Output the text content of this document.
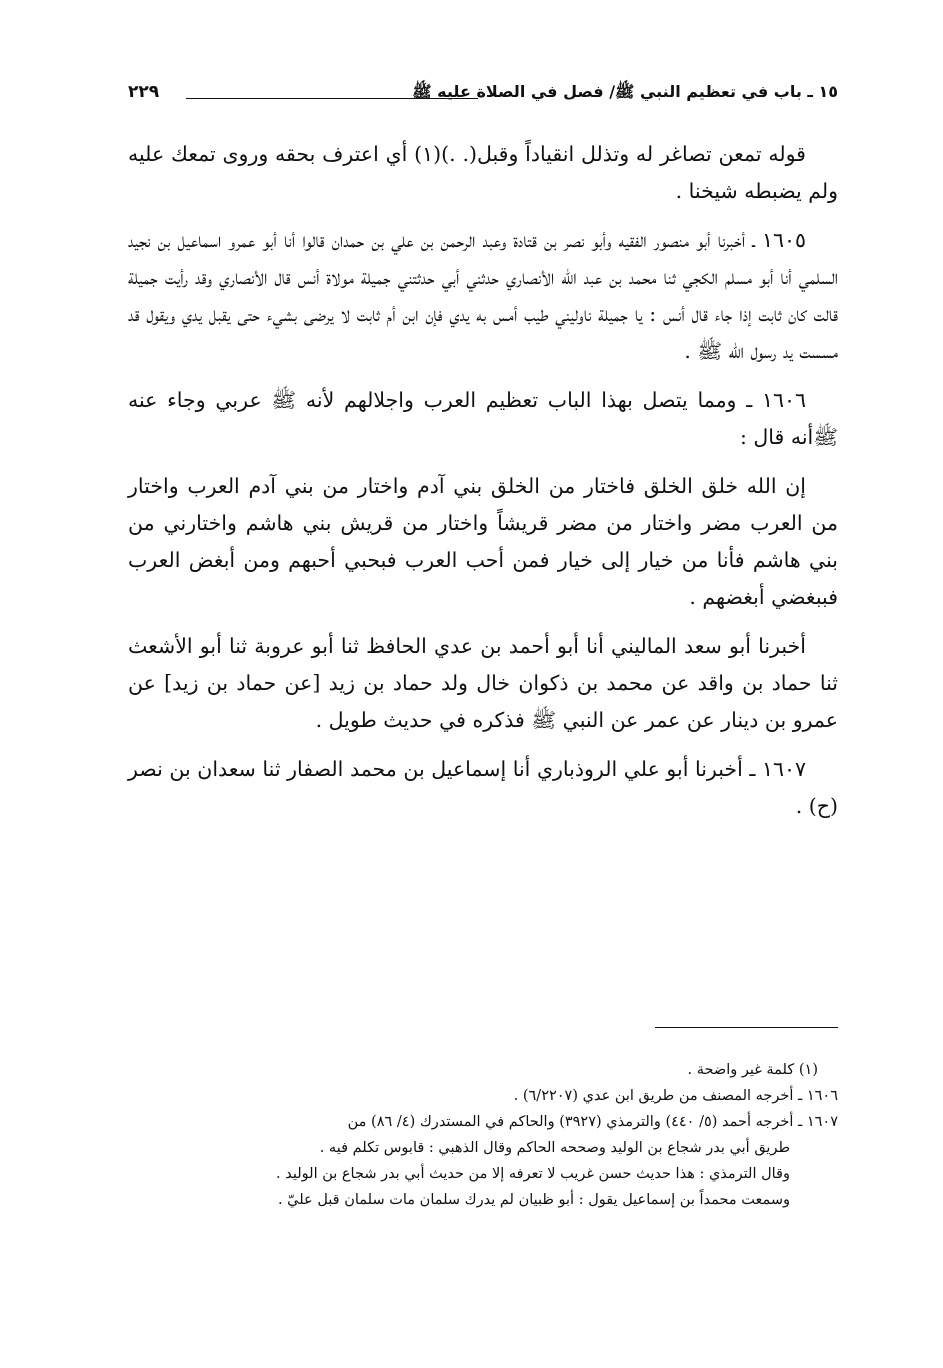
١٥ ـ باب في تعظيم النبي ﷺ/ فصل في الصلاة عليه ﷺ
٢٢٩

قوله تمعن تصاغر له وتذلل انقياداً وقبل(. .)(١) أي اعترف بحقه وروى تمعك عليه ولم يضبطه شيخنا .

١٦٠٥ ـ أخبرنا أبو منصور الفقيه وأبو نصر بن قتادة وعبد الرحمن بن علي بن حمدان قالوا أنا أبو عمرو اسماعيل بن نجيد السلمي أنا أبو مسلم الكجي ثنا محمد بن عبد الله الأنصاري حدثني أبي حدثتني جميلة مولاة أنس قال الأنصاري وقد رأيت جميلة قالت كان ثابت إذا جاء قال أنس : يا جميلة ناوليني طيب أمس به يدي فإن ابن أم ثابت لا يرضى بشيء حتى يقبل يدي ويقول قد مسست يد رسول الله ﷺ .

١٦٠٦ ـ ومما يتصل بهذا الباب تعظيم العرب واجلالهم لأنه ﷺ عربي وجاء عنه ﷺأنه قال :

إن الله خلق الخلق فاختار من الخلق بني آدم واختار من بني آدم العرب واختار من العرب مضر واختار من مضر قريشاً واختار من قريش بني هاشم واختارني من بني هاشم فأنا من خيار إلى خيار فمن أحب العرب فبحبي أحبهم ومن أبغض العرب فببغضي أبغضهم .

أخبرنا أبو سعد الماليني أنا أبو أحمد بن عدي الحافظ ثنا أبو عروبة ثنا أبو الأشعث ثنا حماد بن واقد عن محمد بن ذكوان خال ولد حماد بن زيد [عن حماد بن زيد] عن عمرو بن دينار عن عمر عن النبي ﷺ فذكره في حديث طويل .

١٦٠٧ ـ أخبرنا أبو علي الروذباري أنا إسماعيل بن محمد الصفار ثنا سعدان بن نصر (ح) .

(١) كلمة غير واضحة .

١٦٠٦ ـ أخرجه المصنف من طريق ابن عدي (٦/٢٢٠٧) .

١٦٠٧ ـ أخرجه أحمد (٥/ ٤٤٠) والترمذي (٣٩٢٧) والحاكم في المستدرك (٤/ ٨٦) من

طريق أبي بدر شجاع بن الوليد وصححه الحاكم وقال الذهبي : قابوس تكلم فيه .

وقال الترمذي : هذا حديث حسن غريب لا تعرفه إلا من حديث أبي بدر شجاع بن الوليد .

وسمعت محمداً بن إسماعيل يقول : أبو ظبيان لم يدرك سلمان مات سلمان قبل عليّ .
